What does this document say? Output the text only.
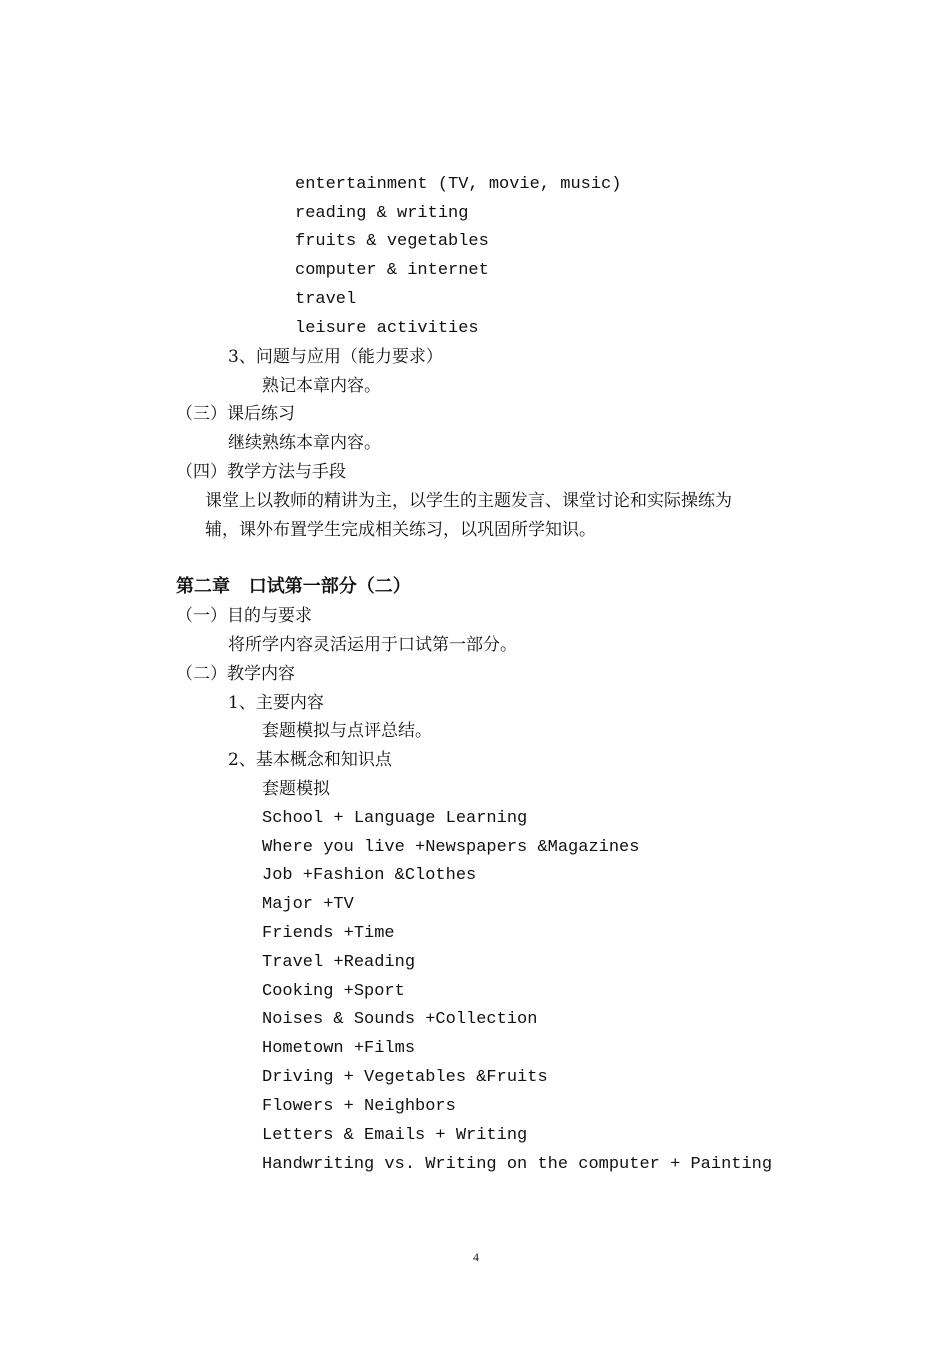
entertainment (TV, movie, music)
reading & writing
fruits & vegetables
computer & internet
travel
leisure activities
3、问题与应用（能力要求）
熟记本章内容。
（三）课后练习
继续熟练本章内容。
（四）教学方法与手段
课堂上以教师的精讲为主，以学生的主题发言、课堂讨论和实际操练为
辅，课外布置学生完成相关练习，以巩固所学知识。
第二章   口试第一部分（二）
（一）目的与要求
将所学内容灵活运用于口试第一部分。
（二）教学内容
1、主要内容
套题模拟与点评总结。
2、基本概念和知识点
套题模拟
School + Language Learning
Where you live +Newspapers &Magazines
Job +Fashion &Clothes
Major +TV
Friends +Time
Travel +Reading
Cooking +Sport
Noises & Sounds +Collection
Hometown +Films
Driving + Vegetables &Fruits
Flowers + Neighbors
Letters & Emails + Writing
Handwriting vs. Writing on the computer + Painting
4
